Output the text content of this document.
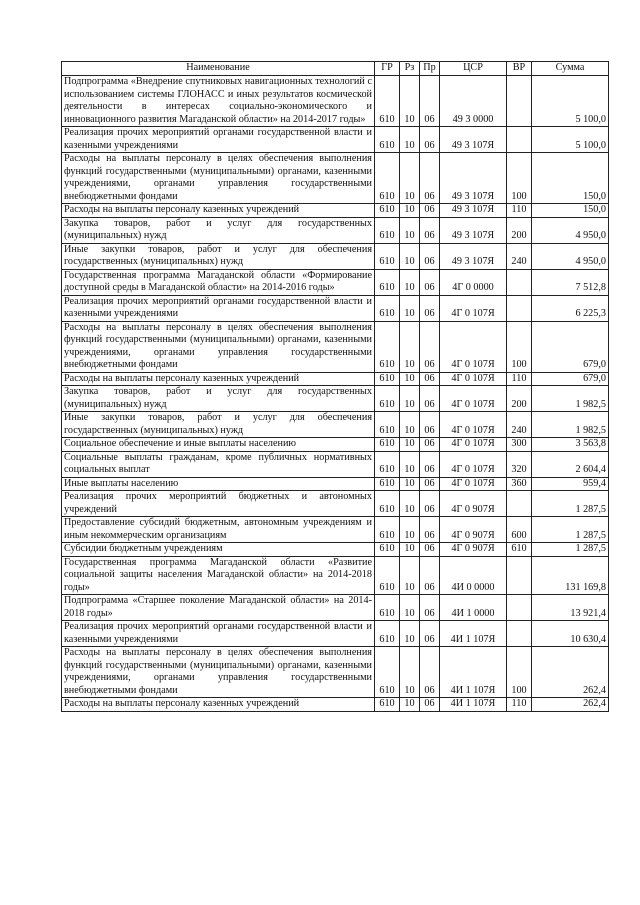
Наименование	ГР	Рз	Пр	ЦСР	ВР	Сумма
Подпрограмма «Внедрение спутниковых навигационных технологий с использованием системы ГЛОНАСС и иных результатов космической деятельности в интересах социально-экономического и инновационного развития Магаданской области» на 2014-2017 годы»	610	10	06	49 3 0000		5 100,0
Реализация прочих мероприятий органами государственной власти и казенными учреждениями	610	10	06	49 3 107Я		5 100,0
Расходы на выплаты персоналу в целях обеспечения выполнения функций государственными (муниципальными) органами, казенными учреждениями, органами управления государственными внебюджетными фондами	610	10	06	49 3 107Я	100	150,0
Расходы на выплаты персоналу казенных учреждений	610	10	06	49 3 107Я	110	150,0
Закупка товаров, работ и услуг для государственных (муниципальных) нужд	610	10	06	49 3 107Я	200	4 950,0
Иные закупки товаров, работ и услуг для обеспечения государственных (муниципальных) нужд	610	10	06	49 3 107Я	240	4 950,0
Государственная программа Магаданской области «Формирование доступной среды в Магаданской области» на 2014-2016 годы»	610	10	06	4Г 0 0000		7 512,8
Реализация прочих мероприятий органами государственной власти и казенными учреждениями	610	10	06	4Г 0 107Я		6 225,3
Расходы на выплаты персоналу в целях обеспечения выполнения функций государственными (муниципальными) органами, казенными учреждениями, органами управления государственными внебюджетными фондами	610	10	06	4Г 0 107Я	100	679,0
Расходы на выплаты персоналу казенных учреждений	610	10	06	4Г 0 107Я	110	679,0
Закупка товаров, работ и услуг для государственных (муниципальных) нужд	610	10	06	4Г 0 107Я	200	1 982,5
Иные закупки товаров, работ и услуг для обеспечения государственных (муниципальных) нужд	610	10	06	4Г 0 107Я	240	1 982,5
Социальное обеспечение и иные выплаты населению	610	10	06	4Г 0 107Я	300	3 563,8
Социальные выплаты гражданам, кроме публичных нормативных социальных выплат	610	10	06	4Г 0 107Я	320	2 604,4
Иные выплаты населению	610	10	06	4Г 0 107Я	360	959,4
Реализация прочих мероприятий бюджетных и автономных учреждений	610	10	06	4Г 0 907Я		1 287,5
Предоставление субсидий бюджетным, автономным учреждениям и иным некоммерческим организациям	610	10	06	4Г 0 907Я	600	1 287,5
Субсидии бюджетным учреждениям	610	10	06	4Г 0 907Я	610	1 287,5
Государственная программа Магаданской области «Развитие социальной защиты населения Магаданской области» на 2014-2018 годы»	610	10	06	4И 0 0000		131 169,8
Подпрограмма «Старшее поколение Магаданской области» на 2014-2018 годы»	610	10	06	4И 1 0000		13 921,4
Реализация прочих мероприятий органами государственной власти и казенными учреждениями	610	10	06	4И 1 107Я		10 630,4
Расходы на выплаты персоналу в целях обеспечения выполнения функций государственными (муниципальными) органами, казенными учреждениями, органами управления государственными внебюджетными фондами	610	10	06	4И 1 107Я	100	262,4
Расходы на выплаты персоналу казенных учреждений	610	10	06	4И 1 107Я	110	262,4
